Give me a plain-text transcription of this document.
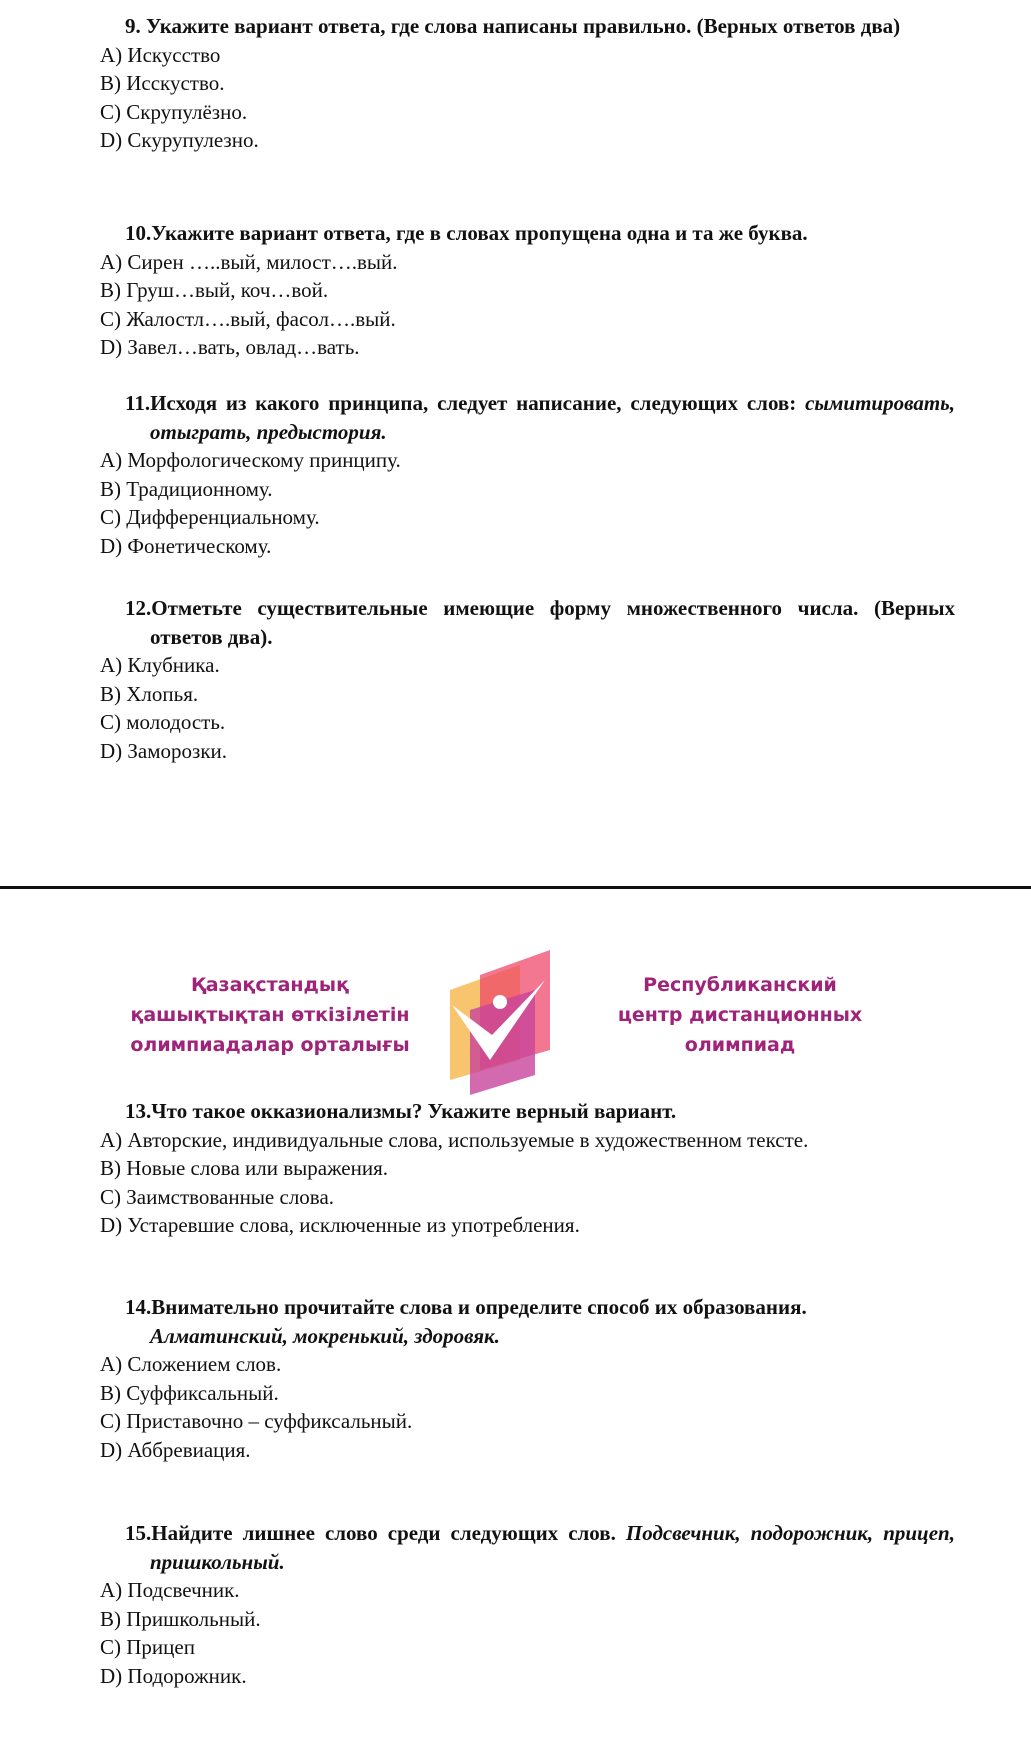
9. Укажите вариант ответа, где слова написаны правильно. (Верных ответов два)
A) Искусство
B) Исскуство.
C) Скрупулёзно.
D) Скурупулезно.
10.Укажите вариант ответа, где в словах пропущена одна и та же буква.
A) Сирен …..вый, милост….вый.
B) Груш…вый, коч…вой.
C) Жалостл….вый, фасол….вый.
D) Завел…вать, овлад…вать.
11.Исходя из какого принципа, следует написание, следующих слов: сымитировать, отыграть, предыстория.
A) Морфологическому принципу.
B) Традиционному.
C) Дифференциальному.
D) Фонетическому.
12.Отметьте существительные имеющие форму множественного числа. (Верных ответов два).
A) Клубника.
B) Хлопья.
C) молодость.
D) Заморозки.
Қазақстандық
қашықтықтан өткізілетін
олимпиадалар орталығы
Республиканский
центр дистанционных
олимпиад
13.Что такое окказионализмы? Укажите верный вариант.
A) Авторские, индивидуальные слова, используемые в художественном тексте.
B) Новые слова или выражения.
C) Заимствованные слова.
D) Устаревшие слова, исключенные из употребления.
14.Внимательно прочитайте слова и определите способ их образования.
Алматинский, мокренький, здоровяк.
A) Сложением слов.
B) Суффиксальный.
C) Приставочно – суффиксальный.
D) Аббревиация.
15.Найдите лишнее слово среди следующих слов. Подсвечник, подорожник, прицеп, пришкольный.
A) Подсвечник.
B) Пришкольный.
C) Прицеп
D) Подорожник.
